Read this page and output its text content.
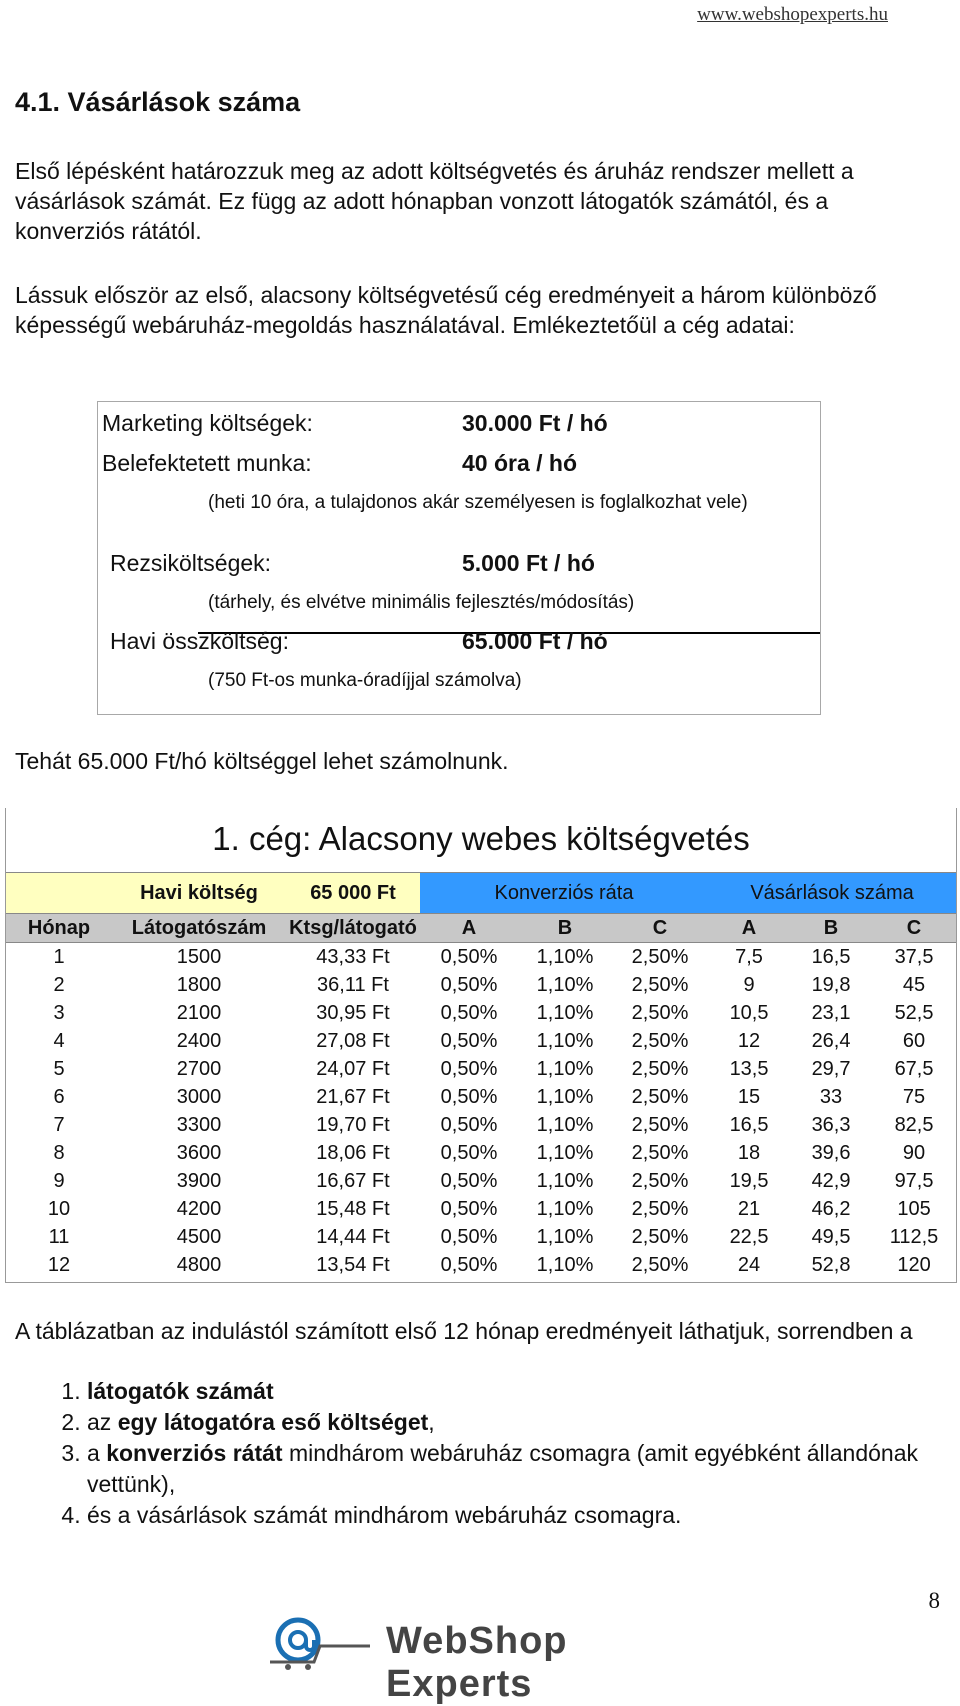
www.webshopexperts.hu
4.1. Vásárlások száma

Első lépésként határozzuk meg az adott költségvetés és áruház rendszer mellett a vásárlások számát. Ez függ az adott hónapban vonzott látogatók számától, és a konverziós rátától.

Lássuk először az első, alacsony költségvetésű cég eredményeit a három különböző képességű webáruház-megoldás használatával. Emlékeztetőül a cég adatai:

Marketing költségek:	30.000 Ft / hó
Belefektetett munka:	40 óra / hó
(heti 10 óra, a tulajdonos akár személyesen is foglalkozhat vele)
Rezsiköltségek:	5.000 Ft / hó
(tárhely, és elvétve minimális fejlesztés/módosítás)
Havi összköltség:	65.000 Ft / hó
(750 Ft-os munka-óradíjjal számolva)
Tehát 65.000 Ft/hó költséggel lehet számolnunk.
1. cég: Alacsony webes költségvetés
	Havi költség	65 000 Ft	Konverziós ráta			Vásárlások száma		
Hónap	Látogatószám	Ktsg/látogató	A	B	C	A	B	C
1	1500	43,33 Ft	0,50%	1,10%	2,50%	7,5	16,5	37,5
2	1800	36,11 Ft	0,50%	1,10%	2,50%	9	19,8	45
3	2100	30,95 Ft	0,50%	1,10%	2,50%	10,5	23,1	52,5
4	2400	27,08 Ft	0,50%	1,10%	2,50%	12	26,4	60
5	2700	24,07 Ft	0,50%	1,10%	2,50%	13,5	29,7	67,5
6	3000	21,67 Ft	0,50%	1,10%	2,50%	15	33	75
7	3300	19,70 Ft	0,50%	1,10%	2,50%	16,5	36,3	82,5
8	3600	18,06 Ft	0,50%	1,10%	2,50%	18	39,6	90
9	3900	16,67 Ft	0,50%	1,10%	2,50%	19,5	42,9	97,5
10	4200	15,48 Ft	0,50%	1,10%	2,50%	21	46,2	105
11	4500	14,44 Ft	0,50%	1,10%	2,50%	22,5	49,5	112,5
12	4800	13,54 Ft	0,50%	1,10%	2,50%	24	52,8	120

A táblázatban az indulástól számított első 12 hónap eredményeit láthatjuk, sorrendben a

1. látogatók számát
2. az egy látogatóra eső költséget,
3. a konverziós rátát mindhárom webáruház csomagra (amit egyébként állandónak vettünk),
4. és a vásárlások számát mindhárom webáruház csomagra.
8
WebShop Experts
